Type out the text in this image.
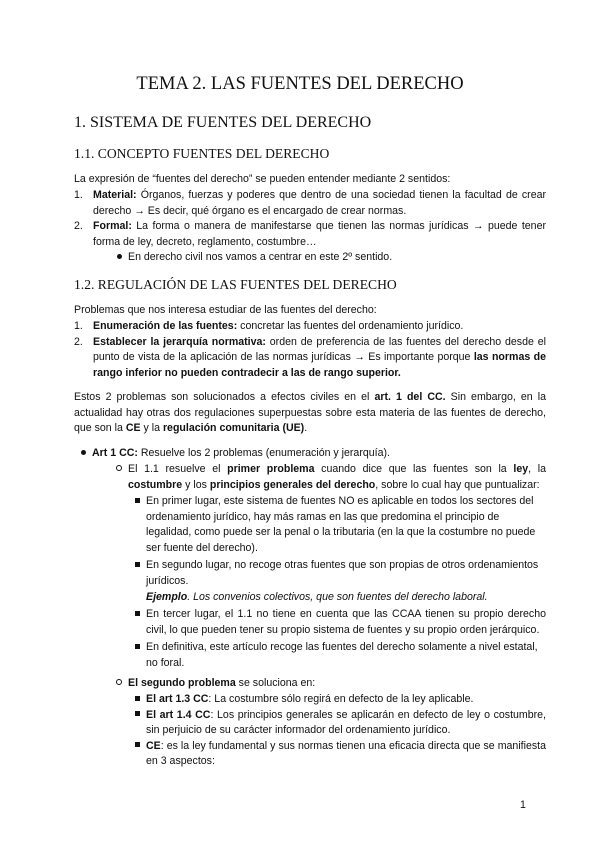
TEMA 2. LAS FUENTES DEL DERECHO
1. SISTEMA DE FUENTES DEL DERECHO
1.1. CONCEPTO FUENTES DEL DERECHO
La expresión de “fuentes del derecho” se pueden entender mediante 2 sentidos:
1. Material: Órganos, fuerzas y poderes que dentro de una sociedad tienen la facultad de crear derecho → Es decir, qué órgano es el encargado de crear normas.
2. Formal: La forma o manera de manifestarse que tienen las normas jurídicas → puede tener forma de ley, decreto, reglamento, costumbre…
En derecho civil nos vamos a centrar en este 2º sentido.
1.2. REGULACIÓN DE LAS FUENTES DEL DERECHO
Problemas que nos interesa estudiar de las fuentes del derecho:
1. Enumeración de las fuentes: concretar las fuentes del ordenamiento jurídico.
2. Establecer la jerarquía normativa: orden de preferencia de las fuentes del derecho desde el punto de vista de la aplicación de las normas jurídicas → Es importante porque las normas de rango inferior no pueden contradecir a las de rango superior.
Estos 2 problemas son solucionados a efectos civiles en el art. 1 del CC. Sin embargo, en la actualidad hay otras dos regulaciones superpuestas sobre esta materia de las fuentes de derecho, que son la CE y la regulación comunitaria (UE).
Art 1 CC: Resuelve los 2 problemas (enumeración y jerarquía).
El 1.1 resuelve el primer problema cuando dice que las fuentes son la ley, la costumbre y los principios generales del derecho, sobre lo cual hay que puntualizar:
En primer lugar, este sistema de fuentes NO es aplicable en todos los sectores del ordenamiento jurídico, hay más ramas en las que predomina el principio de legalidad, como puede ser la penal o la tributaria (en la que la costumbre no puede ser fuente del derecho).
En segundo lugar, no recoge otras fuentes que son propias de otros ordenamientos jurídicos.
Ejemplo. Los convenios colectivos, que son fuentes del derecho laboral.
En tercer lugar, el 1.1 no tiene en cuenta que las CCAA tienen su propio derecho civil, lo que pueden tener su propio sistema de fuentes y su propio orden jerárquico.
En definitiva, este artículo recoge las fuentes del derecho solamente a nivel estatal, no foral.
El segundo problema se soluciona en:
El art 1.3 CC: La costumbre sólo regirá en defecto de la ley aplicable.
El art 1.4 CC: Los principios generales se aplicarán en defecto de ley o costumbre, sin perjuicio de su carácter informador del ordenamiento jurídico.
CE: es la ley fundamental y sus normas tienen una eficacia directa que se manifiesta en 3 aspectos:
1
